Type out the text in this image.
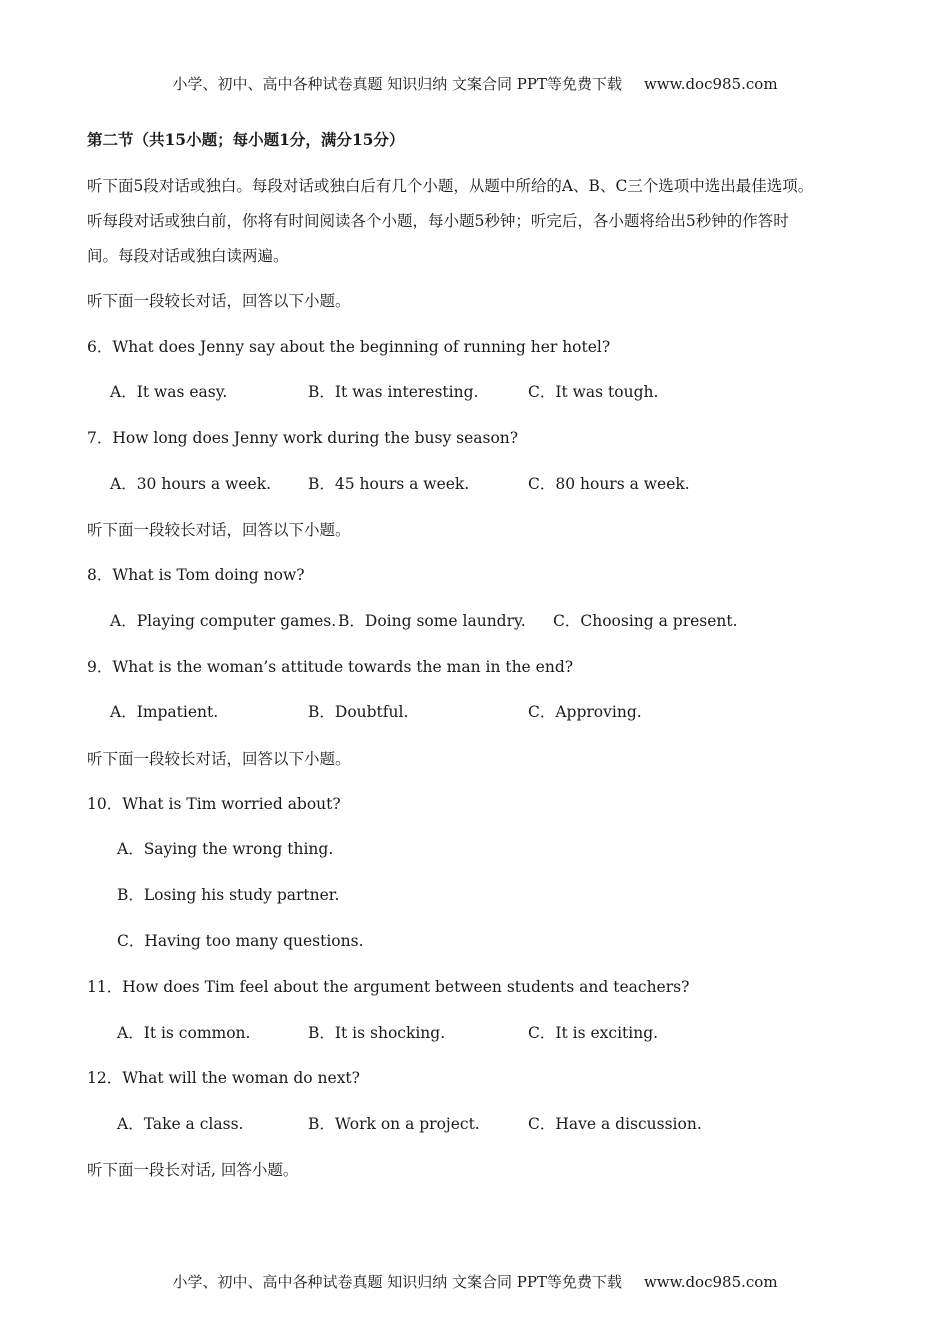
小学、初中、高中各种试卷真题 知识归纳 文案合同 PPT等免费下载 www.doc985.com
第二节（共15小题；每小题1分，满分15分）
听下面5段对话或独白。每段对话或独白后有几个小题，从题中所给的A、B、C三个选项中选出最佳选项。
听每段对话或独白前，你将有时间阅读各个小题，每小题5秒钟；听完后，各小题将给出5秒钟的作答时
间。每段对话或独白读两遍。
听下面一段较长对话，回答以下小题。
6．What does Jenny say about the beginning of running her hotel?
A．It was easy.	B．It was interesting.	C．It was tough.
7．How long does Jenny work during the busy season?
A．30 hours a week. B．45 hours a week.	C．80 hours a week.
听下面一段较长对话，回答以下小题。
8．What is Tom doing now?
A．Playing computer games. B．Doing some laundry. C．Choosing a present.
9．What is the woman’s attitude towards the man in the end?
A．Impatient.	B．Doubtful.	C．Approving.
听下面一段较长对话，回答以下小题。
10．What is Tim worried about?
A．Saying the wrong thing.
B．Losing his study partner.
C．Having too many questions.
11．How does Tim feel about the argument between students and teachers?
A．It is common.	B．It is shocking.	C．It is exciting.
12．What will the woman do next?
A．Take a class.	B．Work on a project.	C．Have a discussion.
听下面一段长对话, 回答小题。
小学、初中、高中各种试卷真题 知识归纳 文案合同 PPT等免费下载 www.doc985.com
